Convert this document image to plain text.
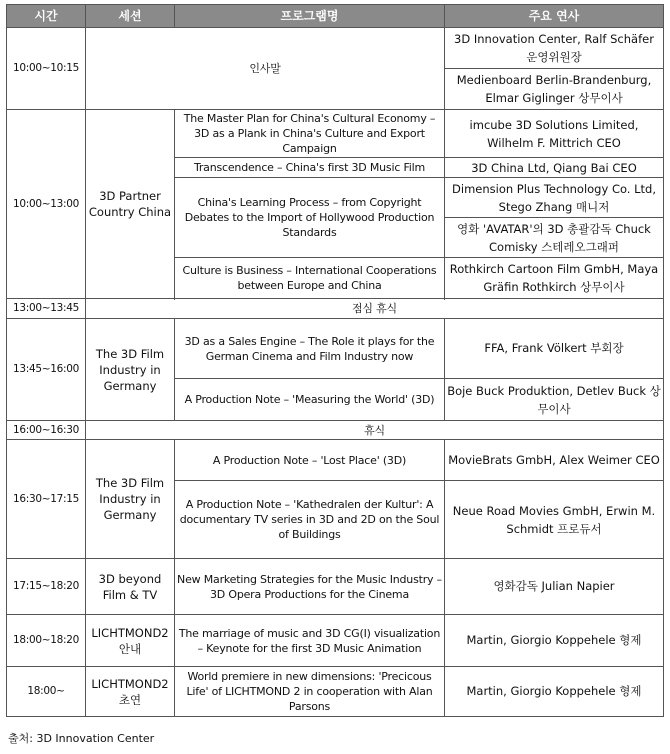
시간	세션	프로그램명	주요 연사
10:00~10:15	인사말		3D Innovation Center, Ralf Schäfer 운영위원장
			Medienboard Berlin-Brandenburg, Elmar Giglinger 상무이사
10:00~13:00	3D Partner Country China	The Master Plan for China's Cultural Economy – 3D as a Plank in China's Culture and Export Campaign	imcube 3D Solutions Limited, Wilhelm F. Mittrich CEO
		Transcendence – China's first 3D Music Film	3D China Ltd, Qiang Bai CEO
		China's Learning Process – from Copyright Debates to the Import of Hollywood Production Standards	Dimension Plus Technology Co. Ltd, Stego Zhang 매니저
			영화 'AVATAR'의 3D 총괄감독 Chuck Comisky 스테레오그래퍼
		Culture is Business – International Cooperations between Europe and China	Rothkirch Cartoon Film GmbH, Maya Gräfin Rothkirch 상무이사

13:00~13:45	점심 휴식		
13:45~16:00	The 3D Film Industry in Germany	3D as a Sales Engine – The Role it plays for the German Cinema and Film Industry now	FFA, Frank Völkert 부회장
		A Production Note – 'Measuring the World' (3D)	Boje Buck Produktion, Detlev Buck 상무이사
16:00~16:30	휴식		
16:30~17:15	The 3D Film Industry in Germany	A Production Note – 'Lost Place' (3D)	MovieBrats GmbH, Alex Weimer CEO
		A Production Note – 'Kathedralen der Kultur': A documentary TV series in 3D and 2D on the Soul of Buildings	Neue Road Movies GmbH, Erwin M. Schmidt 프로듀서
17:15~18:20	3D beyond Film & TV	New Marketing Strategies for the Music Industry – 3D Opera Productions for the Cinema	영화감독 Julian Napier
18:00~18:20	LICHTMOND2 안내	The marriage of music and 3D CG(I) visualization – Keynote for the first 3D Music Animation	Martin, Giorgio Koppehele 형제
18:00~	LICHTMOND2 초연	World premiere in new dimensions: 'Precicous Life' of LICHTMOND 2 in cooperation with Alan Parsons	Martin, Giorgio Koppehele 형제
출처: 3D Innovation Center
